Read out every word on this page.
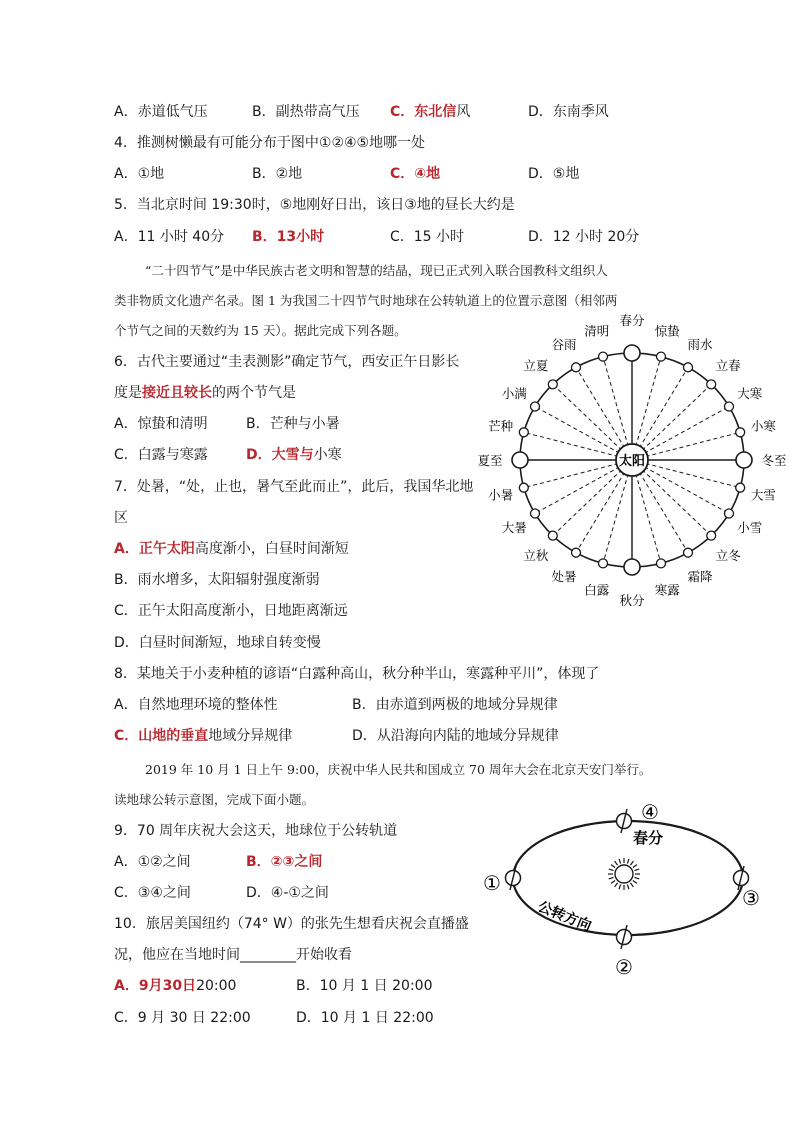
A．赤道低气压	B．副热带高气压 C．东北信风	D．东南季风
4．推测树懒最有可能分布于图中①②④⑤地哪一处
A．①地	B．②地	C．④地	D．⑤地
5．当北京时间 19:30时，⑤地刚好日出，该日③地的昼长大约是
A．11 小时 40分 B．13小时	C．15 小时	D．12 小时 20分
“二十四节气”是中华民族古老文明和智慧的结晶，现已正式列入联合国教科文组织人
类非物质文化遗产名录。图 1 为我国二十四节气时地球在公转轨道上的位置示意图（相邻两
个节气之间的天数约为 15 天）。据此完成下列各题。
6．古代主要通过“圭表测影”确定节气，西安正午日影长
度是接近且较长的两个节气是
A．惊蛰和清明	B．芒种与小暑
C．白露与寒露	D．大雪与小寒
7．处暑，“处，止也，暑气至此而止”，此后，我国华北地
区
A．正午太阳高度渐小，白昼时间渐短
B．雨水增多，太阳辐射强度渐弱
C．正午太阳高度渐小，日地距离渐远
D．白昼时间渐短，地球自转变慢
8．某地关于小麦种植的谚语“白露种高山，秋分种半山，寒露种平川”，体现了
A．自然地理环境的整体性	B．由赤道到两极的地域分异规律
C．山地的垂直地域分异规律	D．从沿海向内陆的地域分异规律
2019 年 10 月 1 日上午 9:00，庆祝中华人民共和国成立 70 周年大会在北京天安门举行。
读地球公转示意图，完成下面小题。
9．70 周年庆祝大会这天，地球位于公转轨道
A．①②之间	B．②③之间
C．③④之间	D．④-①之间
10．旅居美国纽约（74° W）的张先生想看庆祝会直播盛
况，他应在当地时间________开始收看
A．9月30日20:00	B．10 月 1 日 20:00
C．9 月 30 日 22:00	D．10 月 1 日 22:00
春分
惊蛰
雨水
立春
大寒
小寒
冬至
大雪
小雪
立冬
霜降
寒露
秋分
白露
处暑
立秋
大暑
小暑
夏至
芒种
小满
立夏
谷雨
清明
太阳
④
①
③
②
春分
公转方向
